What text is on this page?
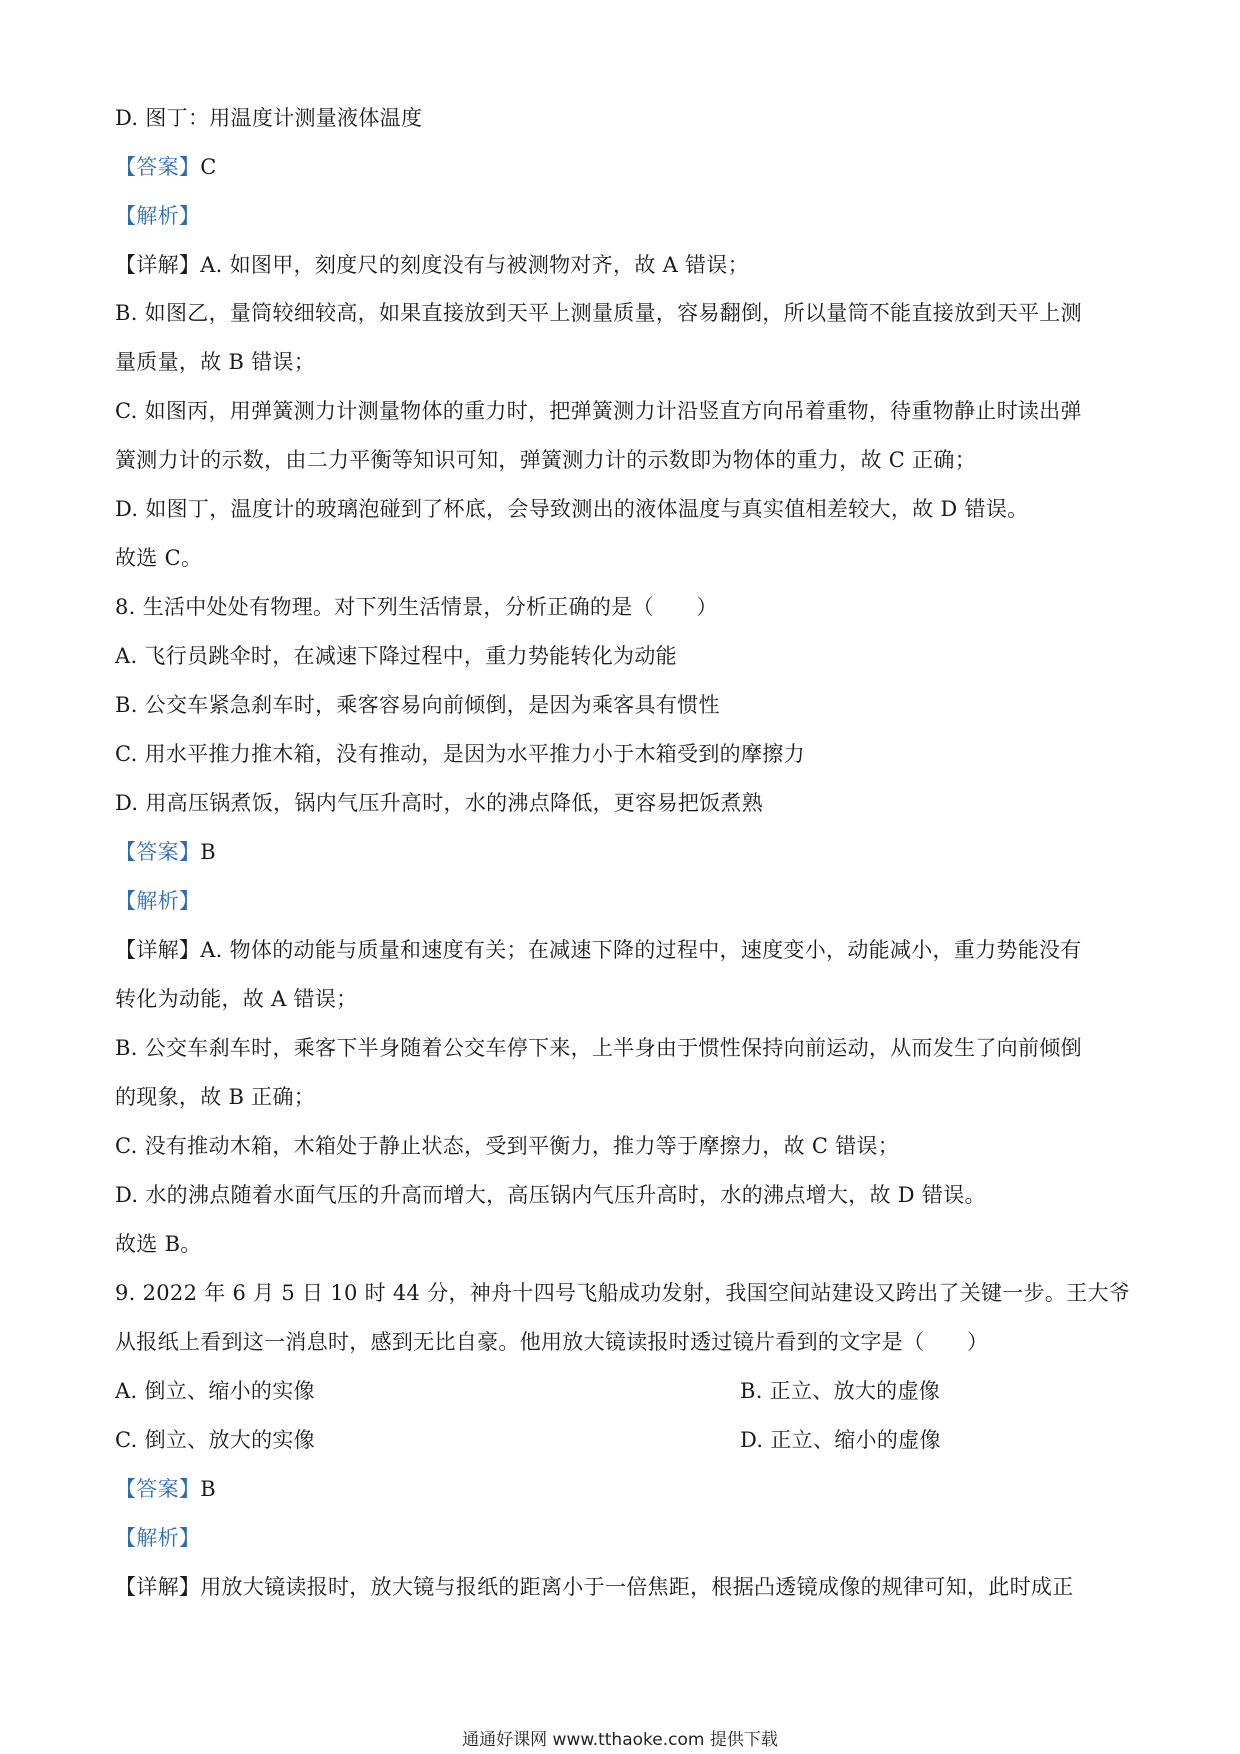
D. 图丁：用温度计测量液体温度
【答案】C
【解析】
【详解】A. 如图甲，刻度尺的刻度没有与被测物对齐，故 A 错误；
B. 如图乙，量筒较细较高，如果直接放到天平上测量质量，容易翻倒，所以量筒不能直接放到天平上测
量质量，故 B 错误；
C. 如图丙，用弹簧测力计测量物体的重力时，把弹簧测力计沿竖直方向吊着重物，待重物静止时读出弹
簧测力计的示数，由二力平衡等知识可知，弹簧测力计的示数即为物体的重力，故 C 正确；
D. 如图丁，温度计的玻璃泡碰到了杯底，会导致测出的液体温度与真实值相差较大，故 D 错误。
故选 C。
8. 生活中处处有物理。对下列生活情景，分析正确的是（　　）
A. 飞行员跳伞时，在减速下降过程中，重力势能转化为动能
B. 公交车紧急刹车时，乘客容易向前倾倒，是因为乘客具有惯性
C. 用水平推力推木箱，没有推动，是因为水平推力小于木箱受到的摩擦力
D. 用高压锅煮饭，锅内气压升高时，水的沸点降低，更容易把饭煮熟
【答案】B
【解析】
【详解】A. 物体的动能与质量和速度有关；在减速下降的过程中，速度变小，动能减小，重力势能没有
转化为动能，故 A 错误；
B. 公交车刹车时，乘客下半身随着公交车停下来，上半身由于惯性保持向前运动，从而发生了向前倾倒
的现象，故 B 正确；
C. 没有推动木箱，木箱处于静止状态，受到平衡力，推力等于摩擦力，故 C 错误；
D. 水的沸点随着水面气压的升高而增大，高压锅内气压升高时，水的沸点增大，故 D 错误。
故选 B。
9. 2022 年 6 月 5 日 10 时 44 分，神舟十四号飞船成功发射，我国空间站建设又跨出了关键一步。王大爷
从报纸上看到这一消息时，感到无比自豪。他用放大镜读报时透过镜片看到的文字是（　　）
A. 倒立、缩小的实像	B. 正立、放大的虚像
C. 倒立、放大的实像	D. 正立、缩小的虚像
【答案】B
【解析】
【详解】用放大镜读报时，放大镜与报纸的距离小于一倍焦距，根据凸透镜成像的规律可知，此时成正
通通好课网 www.tthaoke.com 提供下载
